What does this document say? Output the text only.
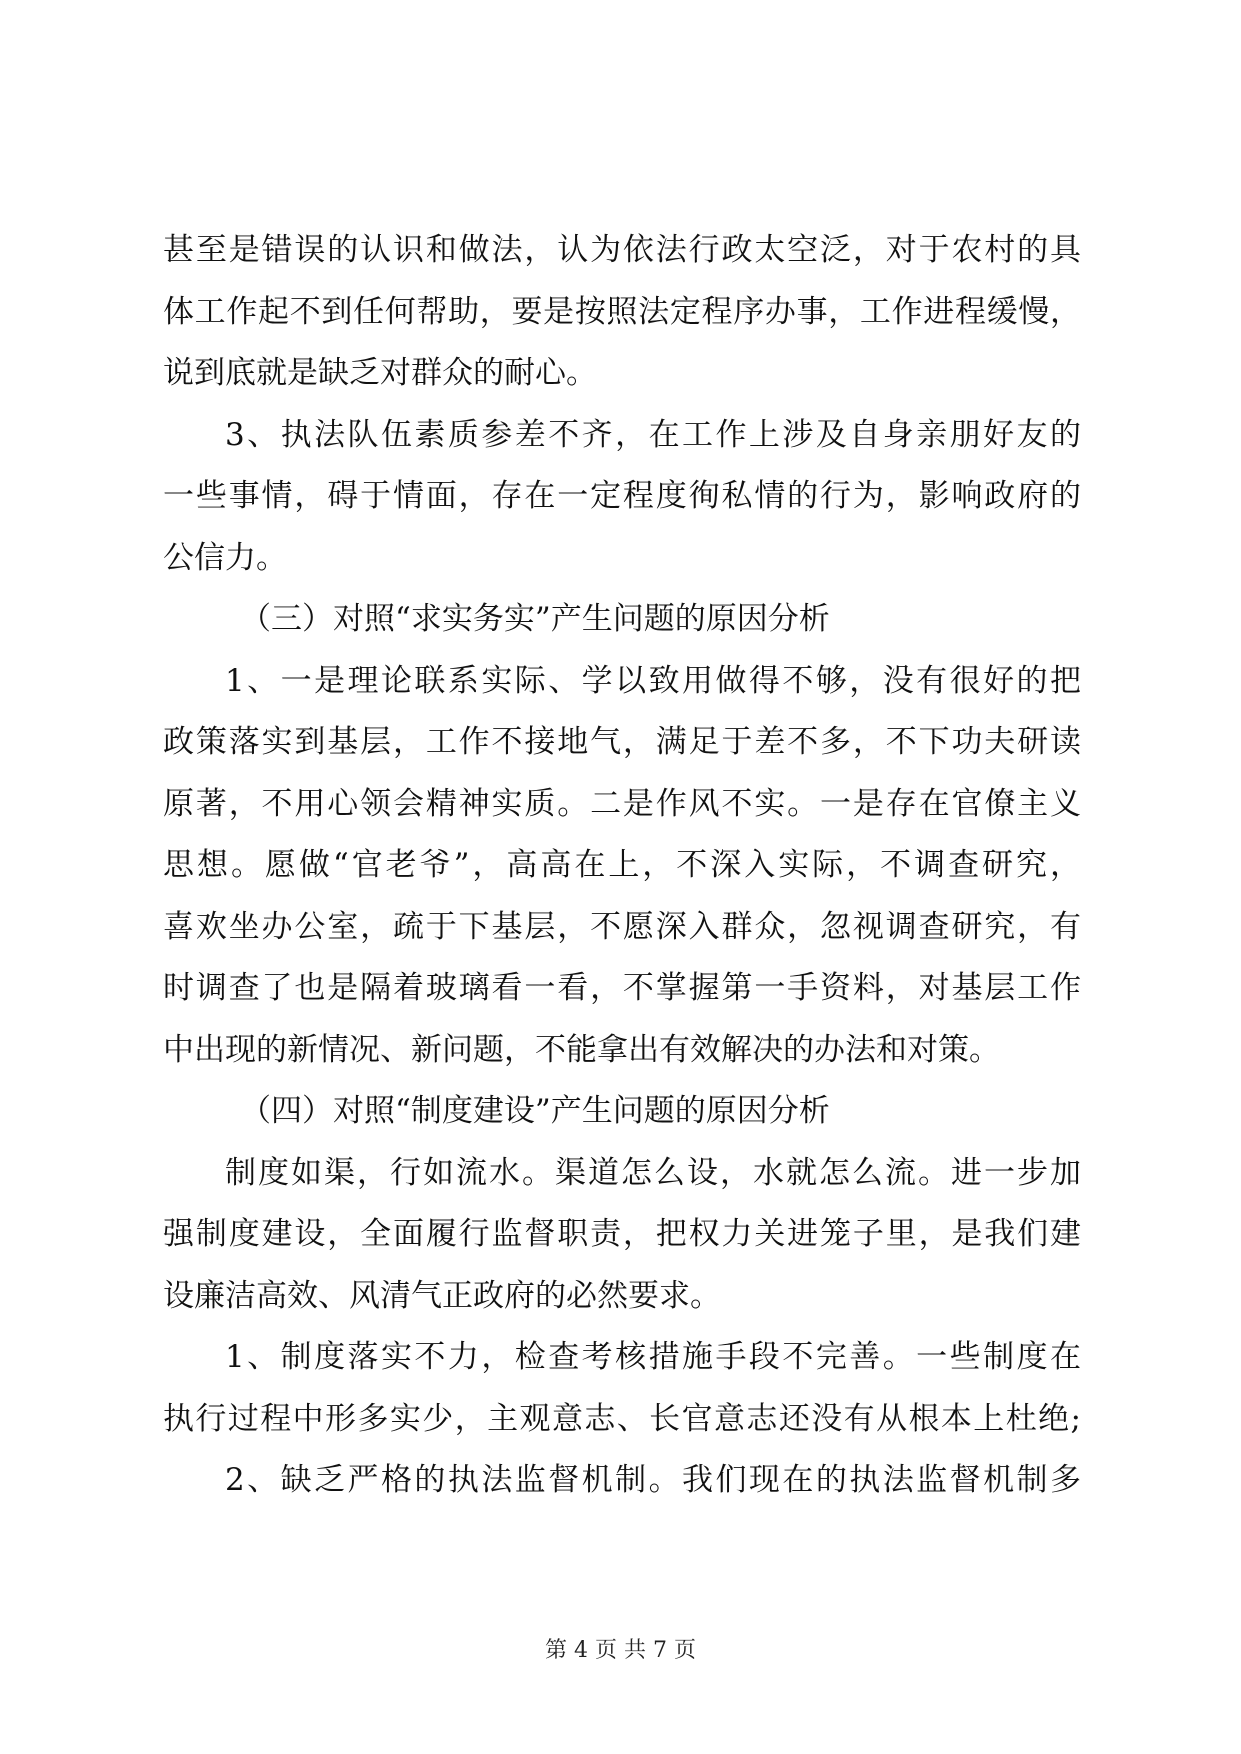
甚至是错误的认识和做法，认为依法行政太空泛，对于农村的具
体工作起不到任何帮助，要是按照法定程序办事，工作进程缓慢，
说到底就是缺乏对群众的耐心。
3、执法队伍素质参差不齐，在工作上涉及自身亲朋好友的
一些事情，碍于情面，存在一定程度徇私情的行为，影响政府的
公信力。
（三）对照“求实务实”产生问题的原因分析
1、一是理论联系实际、学以致用做得不够，没有很好的把
政策落实到基层，工作不接地气，满足于差不多，不下功夫研读
原著，不用心领会精神实质。二是作风不实。一是存在官僚主义
思想。愿做“官老爷”，高高在上，不深入实际，不调查研究，
喜欢坐办公室，疏于下基层，不愿深入群众，忽视调查研究，有
时调查了也是隔着玻璃看一看，不掌握第一手资料，对基层工作
中出现的新情况、新问题，不能拿出有效解决的办法和对策。
（四）对照“制度建设”产生问题的原因分析
制度如渠，行如流水。渠道怎么设，水就怎么流。进一步加
强制度建设，全面履行监督职责，把权力关进笼子里，是我们建
设廉洁高效、风清气正政府的必然要求。
1、制度落实不力，检查考核措施手段不完善。一些制度在
执行过程中形多实少，主观意志、长官意志还没有从根本上杜绝;
2、缺乏严格的执法监督机制。我们现在的执法监督机制多
第 4 页 共 7 页
